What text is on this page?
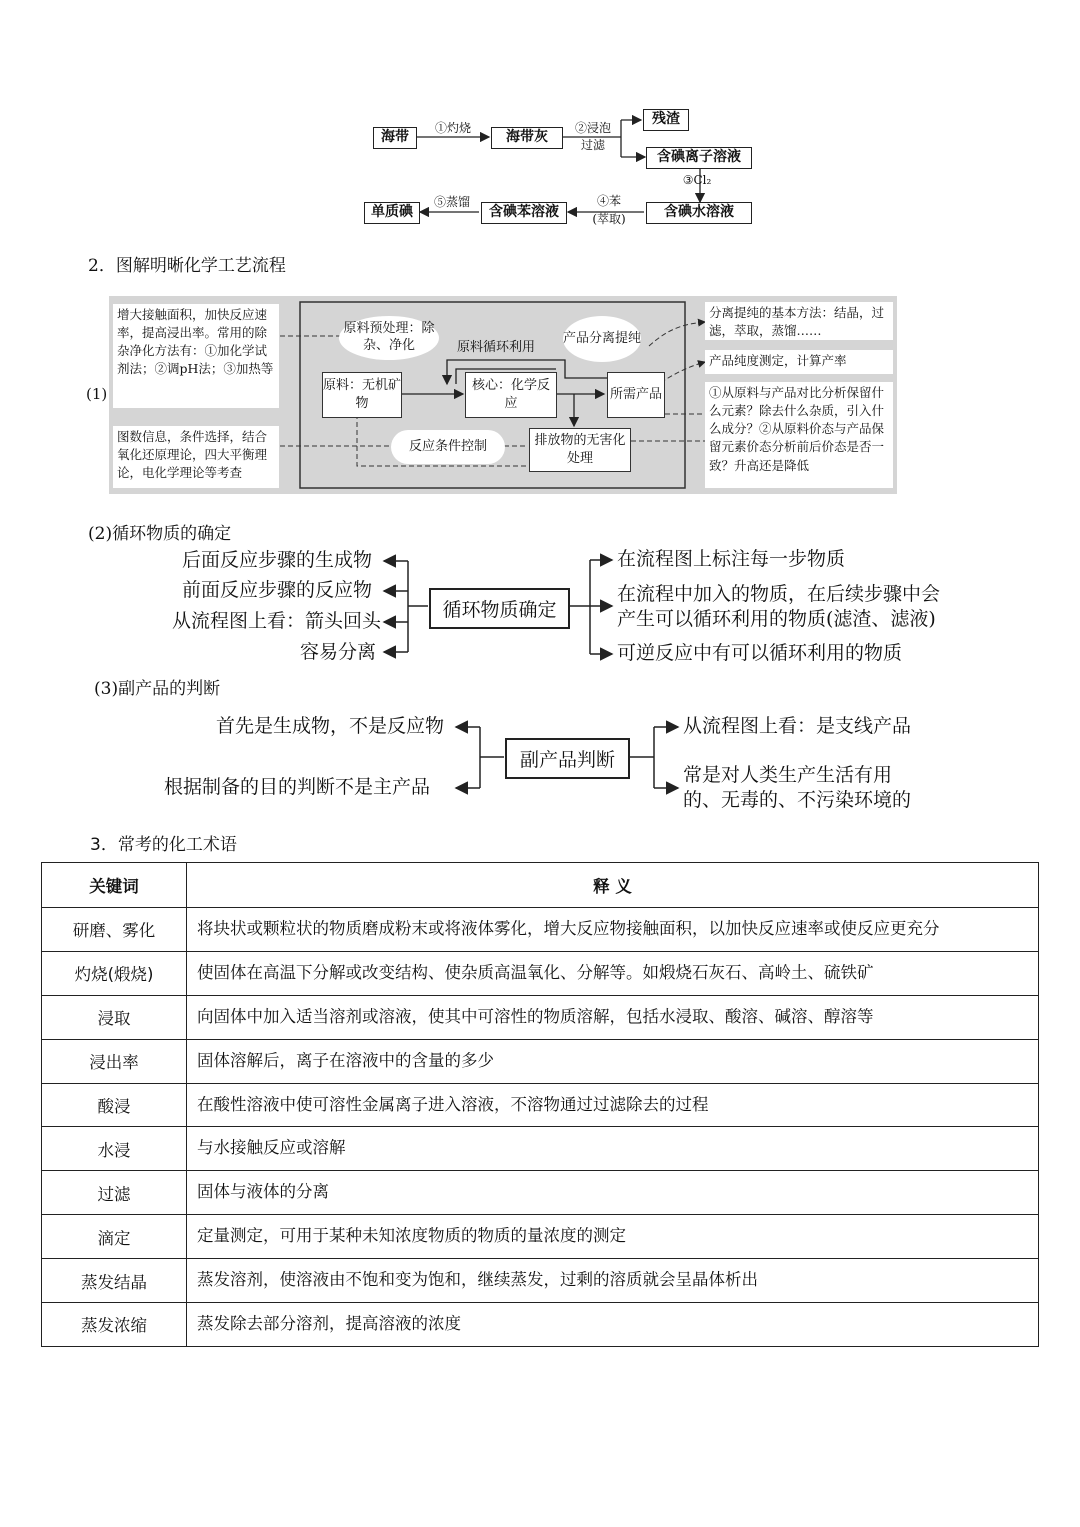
海带
①灼烧
海带灰
②浸泡
过滤
残渣
含碘离子溶液
③Cl₂
含碘水溶液
④苯
(萃取)
含碘苯溶液
⑤蒸馏
单质碘
2．图解明晰化学工艺流程
(1)
增大接触面积，加快反应速率，提高浸出率。常用的除杂净化方法有：①加化学试剂法；②调pH法；③加热等
图数信息，条件选择，结合氧化还原理论，四大平衡理论，电化学理论等考查
原料预处理：除杂、净化	原料循环利用
产品分离提纯
原料：无机矿物
核心：化学反应
所需产品
反应条件控制	排放物的无害化处理
分离提纯的基本方法：结晶，过滤，萃取，蒸馏……
产品纯度测定，计算产率
①从原料与产品对比分析保留什么元素？除去什么杂质，引入什么成分？②从原料价态与产品保留元素价态分析前后价态是否一致？升高还是降低
(2)循环物质的确定
循环物质确定
后面反应步骤的生成物
前面反应步骤的反应物
从流程图上看：箭头回头
容易分离
在流程图上标注每一步物质
在流程中加入的物质，在后续步骤中会产生可以循环利用的物质(滤渣、滤液)
可逆反应中有可以循环利用的物质
(3)副产品的判断
副产品判断
首先是生成物，不是反应物
根据制备的目的判断不是主产品
从流程图上看：是支线产品
常是对人类生产生活有用的、无毒的、不污染环境的
3．常考的化工术语
关键词	释 义
研磨、雾化	将块状或颗粒状的物质磨成粉末或将液体雾化，增大反应物接触面积，以加快反应速率或使反应更充分
灼烧(煅烧)	使固体在高温下分解或改变结构、使杂质高温氧化、分解等。如煅烧石灰石、高岭土、硫铁矿
浸取	向固体中加入适当溶剂或溶液，使其中可溶性的物质溶解，包括水浸取、酸溶、碱溶、醇溶等
浸出率	固体溶解后，离子在溶液中的含量的多少
酸浸	在酸性溶液中使可溶性金属离子进入溶液，不溶物通过过滤除去的过程
水浸	与水接触反应或溶解
过滤	固体与液体的分离
滴定	定量测定，可用于某种未知浓度物质的物质的量浓度的测定
蒸发结晶	蒸发溶剂，使溶液由不饱和变为饱和，继续蒸发，过剩的溶质就会呈晶体析出
蒸发浓缩	蒸发除去部分溶剂，提高溶液的浓度
